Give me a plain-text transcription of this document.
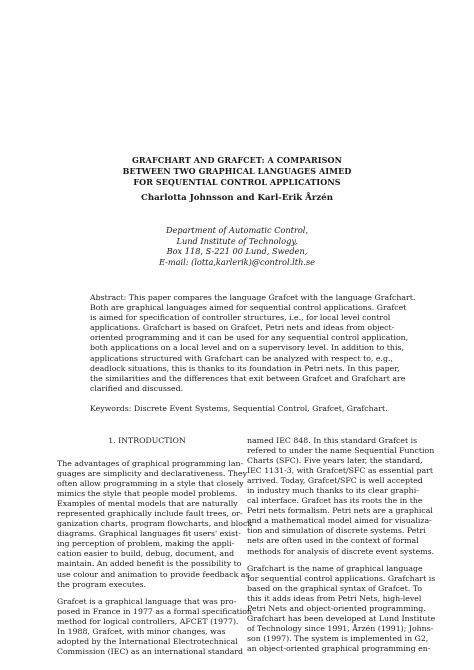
GRAFCHART AND GRAFCET: A COMPARISON
BETWEEN TWO GRAPHICAL LANGUAGES AIMED
FOR SEQUENTIAL CONTROL APPLICATIONS
Charlotta Johnsson and Karl-Erik Årzén
Department of Automatic Control,
Lund Institute of Technology,
Box 118, S-221 00 Lund, Sweden,
E-mail: (lotta,karlerik)@control.lth.se
Abstract: This paper compares the language Grafcet with the language Grafchart.
Both are graphical languages aimed for sequential control applications. Grafcet
is aimed for specification of controller structures, i.e., for local level control
applications. Grafchart is based on Grafcet, Petri nets and ideas from object-
oriented programming and it can be used for any sequential control application,
both applications on a local level and on a supervisory level. In addition to this,
applications structured with Grafchart can be analyzed with respect to, e.g.,
deadlock situations, this is thanks to its foundation in Petri nets. In this paper,
the similarities and the differences that exit between Grafcet and Grafchart are
clarified and discussed.
Keywords: Discrete Event Systems, Sequential Control, Grafcet, Grafchart.
1. INTRODUCTION
The advantages of graphical programming lan-
guages are simplicity and declarativeness. They
often allow programming in a style that closely
mimics the style that people model problems.
Examples of mental models that are naturally
represented graphically include fault trees, or-
ganization charts, program flowcharts, and block
diagrams. Graphical languages fit users' exist-
ing perception of problem, making the appli-
cation easier to build, debug, document, and
maintain. An added benefit is the possibility to
use colour and animation to provide feedback as
the program executes.
Grafcet is a graphical language that was pro-
posed in France in 1977 as a formal specification
method for logical controllers, AFCET (1977).
In 1988, Grafcet, with minor changes, was
adopted by the International Electrotechnical
Commission (IEC) as an international standard
named IEC 848. In this standard Grafcet is
refered to under the name Sequential Function
Charts (SFC). Five years later, the standard,
IEC 1131-3, with Grafcet/SFC as essential part
arrived. Today, Grafcet/SFC is well accepted
in industry much thanks to its clear graphi-
cal interface. Grafcet has its roots the in the
Petri nets formalism. Petri nets are a graphical
and a mathematical model aimed for visualiza-
tion and simulation of discrete systems. Petri
nets are often used in the context of formal
methods for analysis of discrete event systems.
Grafchart is the name of graphical language
for sequential control applications. Grafchart is
based on the graphical syntax of Grafcet. To
this it adds ideas from Petri Nets, high-level
Petri Nets and object-oriented programming.
Grafchart has been developed at Lund Institute
of Technology since 1991, Årzén (1991); Johns-
son (1997). The system is implemented in G2,
an object-oriented graphical programming en-
